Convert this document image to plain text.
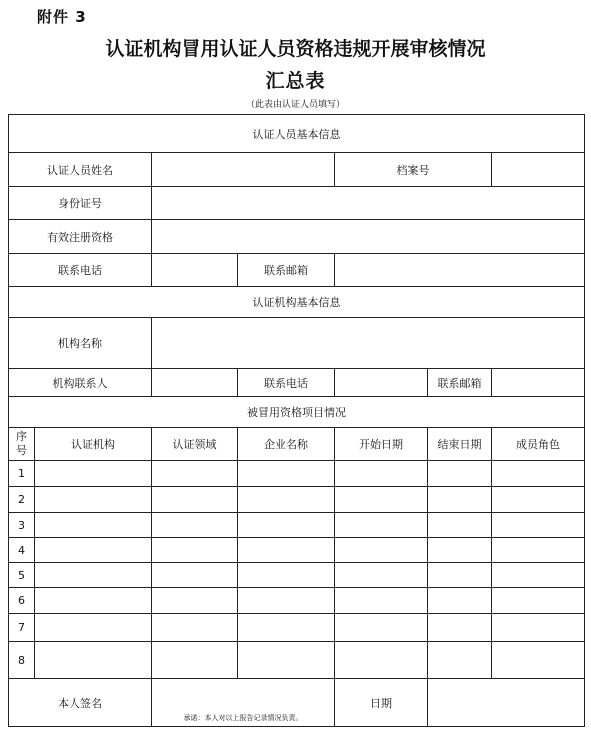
附件 3
认证机构冒用认证人员资格违规开展审核情况
汇总表
（此表由认证人员填写）
认证人员基本信息						
认证人员姓名				档案号		
身份证号						
有效注册资格						
联系电话			联系邮箱			
认证机构基本信息						
机构名称						
机构联系人			联系电话		联系邮箱	
被冒用资格项目情况						

序
号	认证机构	认证领域	企业名称	开始日期	结束日期	成员角色
1						
2						
3						
4						
5						
6						
7						
8						
本人签名		承诺：本人对以上报告记录情况负责。		日期		
